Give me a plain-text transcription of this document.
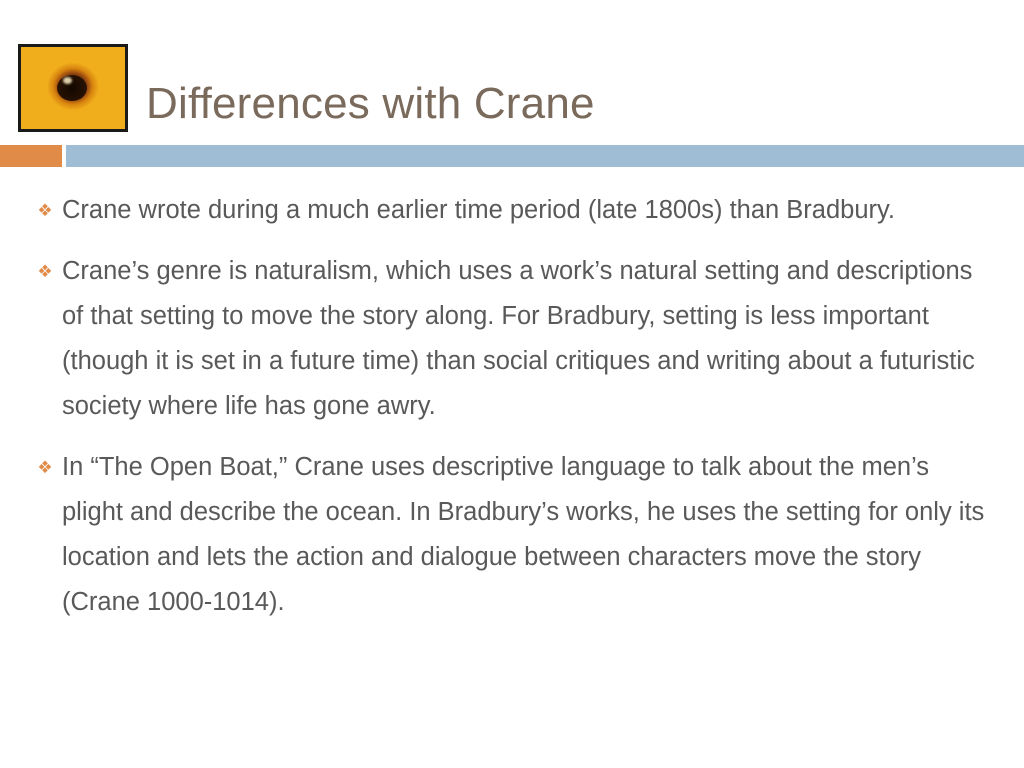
Differences with Crane
❖ Crane wrote during a much earlier time period (late 1800s) than Bradbury.
❖ Crane’s genre is naturalism, which uses a work’s natural setting and descriptions of that setting to move the story along. For Bradbury, setting is less important (though it is set in a future time) than social critiques and writing about a futuristic society where life has gone awry.
❖ In “The Open Boat,” Crane uses descriptive language to talk about the men’s plight and describe the ocean. In Bradbury’s works, he uses the setting for only its location and lets the action and dialogue between characters move the story (Crane 1000-1014).
